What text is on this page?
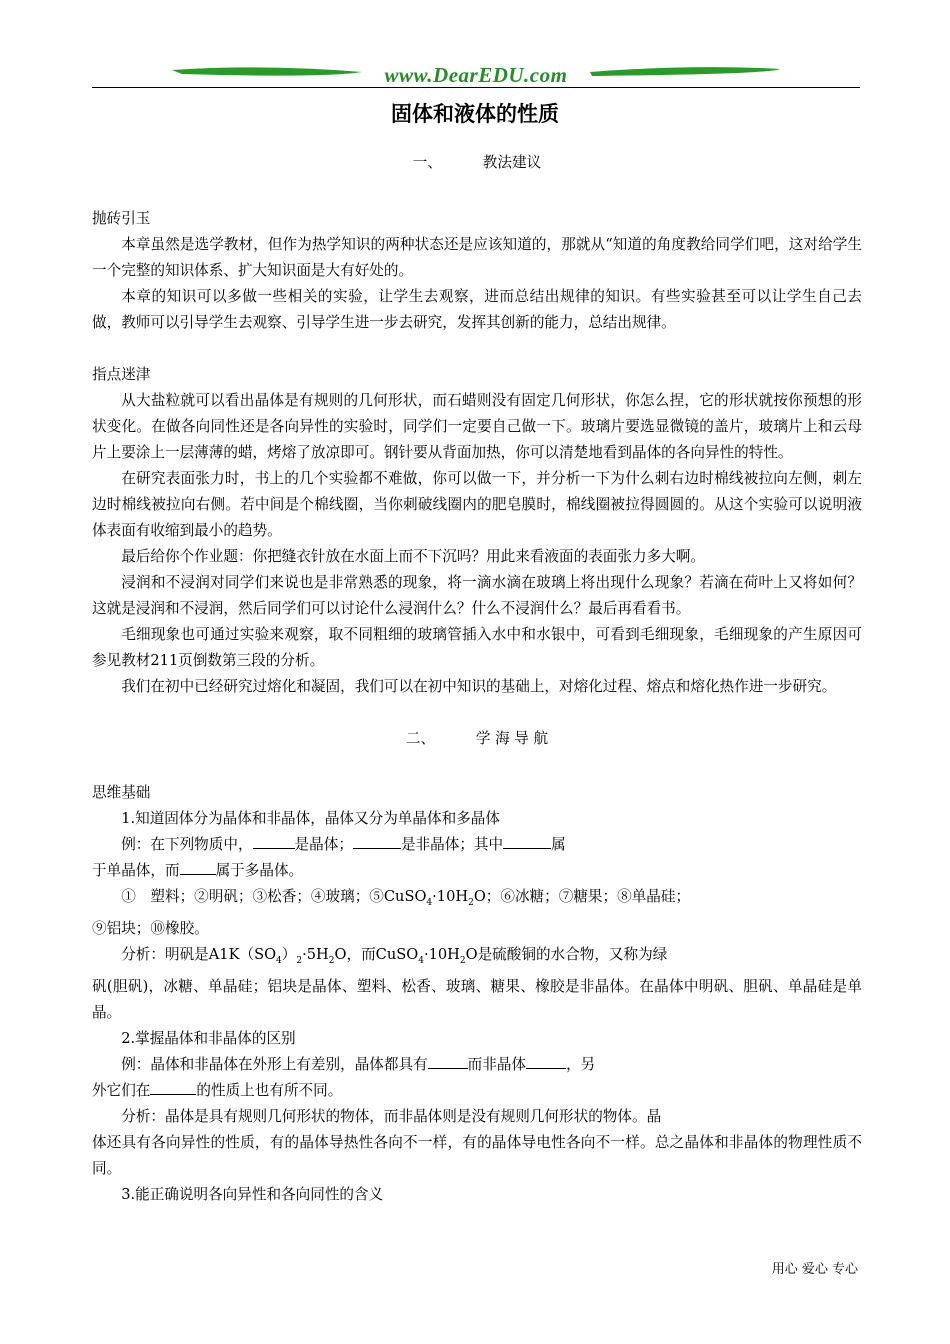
www.DearEDU.com
固体和液体的性质

一、	教法建议

抛砖引玉

本章虽然是选学教材，但作为热学知识的两种状态还是应该知道的，那就从“知道的角度教给同学们吧，这对给学生一个完整的知识体系、扩大知识面是大有好处的。

本章的知识可以多做一些相关的实验，让学生去观察，进而总结出规律的知识。有些实验甚至可以让学生自己去做，教师可以引导学生去观察、引导学生进一步去研究，发挥其创新的能力，总结出规律。

指点迷津

从大盐粒就可以看出晶体是有规则的几何形状，而石蜡则没有固定几何形状，你怎么捏，它的形状就按你预想的形状变化。在做各向同性还是各向异性的实验时，同学们一定要自己做一下。玻璃片要选显微镜的盖片，玻璃片上和云母片上要涂上一层薄薄的蜡，烤熔了放凉即可。钢针要从背面加热，你可以清楚地看到晶体的各向异性的特性。

在研究表面张力时，书上的几个实验都不难做，你可以做一下，并分析一下为什么刺右边时棉线被拉向左侧，刺左边时棉线被拉向右侧。若中间是个棉线圈，当你刺破线圈内的肥皂膜时，棉线圈被拉得圆圆的。从这个实验可以说明液体表面有收缩到最小的趋势。

最后给你个作业题：你把缝衣针放在水面上而不下沉吗？用此来看液面的表面张力多大啊。

浸润和不浸润对同学们来说也是非常熟悉的现象，将一滴水滴在玻璃上将出现什么现象？若滴在荷叶上又将如何？这就是浸润和不浸润，然后同学们可以讨论什么浸润什么？什么不浸润什么？最后再看看书。

毛细现象也可通过实验来观察，取不同粗细的玻璃管插入水中和水银中，可看到毛细现象，毛细现象的产生原因可参见教材211页倒数第三段的分析。

我们在初中已经研究过熔化和凝固，我们可以在初中知识的基础上，对熔化过程、熔点和熔化热作进一步研究。

二、	学 海 导 航

思维基础

1.知道固体分为晶体和非晶体，晶体又分为单晶体和多晶体

例：在下列物质中，	是晶体；	是非晶体；其中	属

于单晶体，而 属于多晶体。

①　塑料；②明矾；③松香；④玻璃；$⑤CuSO_4\cdot 10H_2O$；⑥冰糖；⑦糖果；⑧单晶硅；

⑨铝块；⑩橡胶。

分析：明矾是$A1K(SO_4)_2\cdot 5H_2O$，而$CuSO_4\cdot 10H_2O$是硫酸铜的水合物，又称为绿

矾(胆矾)，冰糖、单晶硅；铝块是晶体、塑料、松香、玻璃、糖果、橡胶是非晶体。在晶体中明矾、胆矾、单晶硅是单晶。

2.掌握晶体和非晶体的区别

例：晶体和非晶体在外形上有差别，晶体都具有	而非晶体	，另

外它们在	的性质上也有所不同。

分析：晶体是具有规则几何形状的物体，而非晶体则是没有规则几何形状的物体。晶

体还具有各向异性的性质，有的晶体导热性各向不一样，有的晶体导电性各向不一样。总之晶体和非晶体的物理性质不同。

3.能正确说明各向异性和各向同性的含义

用心 爱心 专心
